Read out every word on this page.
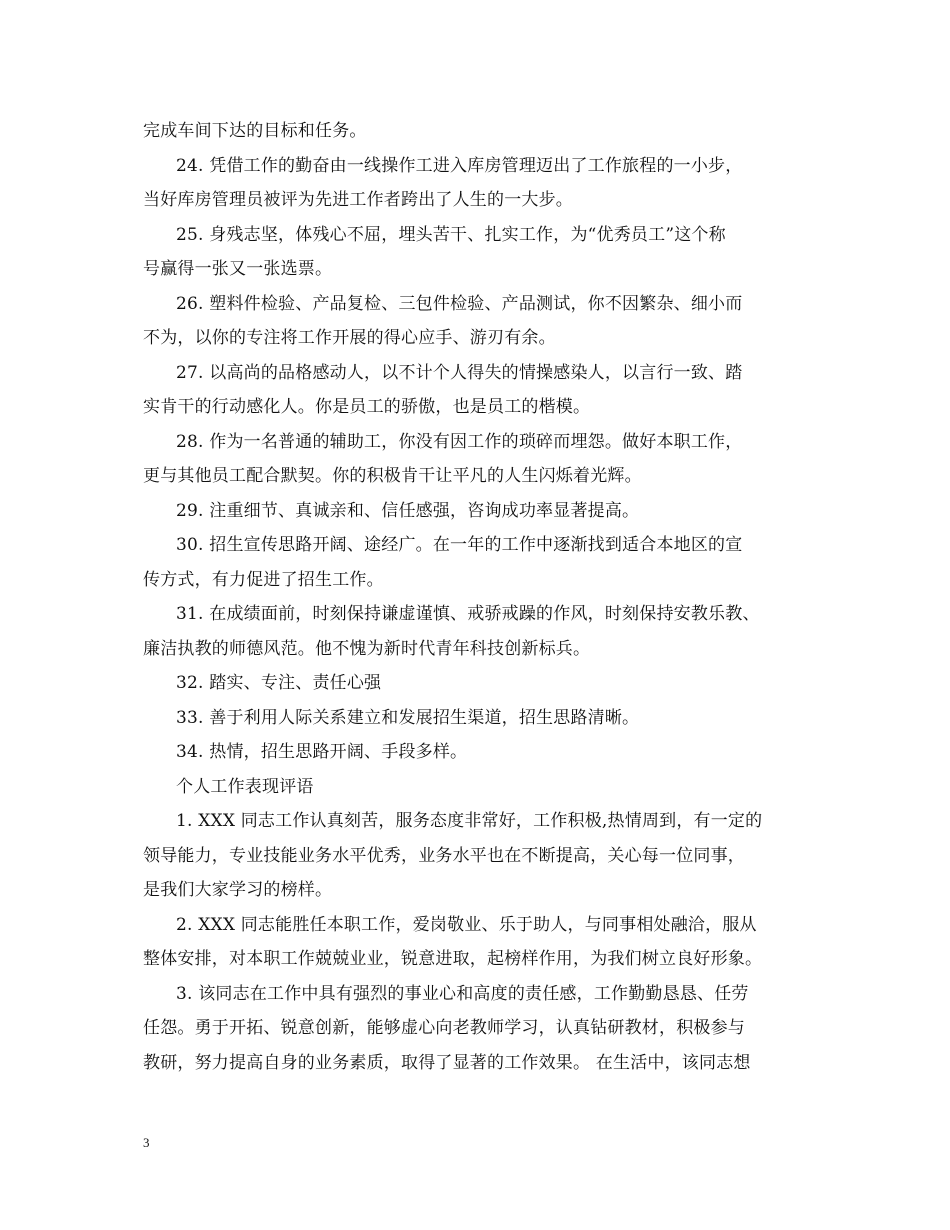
完成车间下达的目标和任务。
24. 凭借工作的勤奋由一线操作工进入库房管理迈出了工作旅程的一小步，
当好库房管理员被评为先进工作者跨出了人生的一大步。
25. 身残志坚，体残心不屈，埋头苦干、扎实工作，为“优秀员工”这个称
号赢得一张又一张选票。
26. 塑料件检验、产品复检、三包件检验、产品测试，你不因繁杂、细小而
不为，以你的专注将工作开展的得心应手、游刃有余。
27. 以高尚的品格感动人，以不计个人得失的情操感染人，以言行一致、踏
实肯干的行动感化人。你是员工的骄傲，也是员工的楷模。
28. 作为一名普通的辅助工，你没有因工作的琐碎而埋怨。做好本职工作，
更与其他员工配合默契。你的积极肯干让平凡的人生闪烁着光辉。
29. 注重细节、真诚亲和、信任感强，咨询成功率显著提高。
30. 招生宣传思路开阔、途经广。在一年的工作中逐渐找到适合本地区的宣
传方式，有力促进了招生工作。
31. 在成绩面前，时刻保持谦虚谨慎、戒骄戒躁的作风，时刻保持安教乐教、
廉洁执教的师德风范。他不愧为新时代青年科技创新标兵。
32. 踏实、专注、责任心强
33. 善于利用人际关系建立和发展招生渠道，招生思路清晰。
34. 热情，招生思路开阔、手段多样。
个人工作表现评语
1. XXX 同志工作认真刻苦，服务态度非常好，工作积极,热情周到，有一定的
领导能力，专业技能业务水平优秀，业务水平也在不断提高，关心每一位同事，
是我们大家学习的榜样。
2. XXX 同志能胜任本职工作，爱岗敬业、乐于助人，与同事相处融洽，服从
整体安排，对本职工作兢兢业业，锐意进取，起榜样作用，为我们树立良好形象。
3. 该同志在工作中具有强烈的事业心和高度的责任感，工作勤勤恳恳、任劳
任怨。勇于开拓、锐意创新，能够虚心向老教师学习，认真钻研教材，积极参与
教研，努力提高自身的业务素质，取得了显著的工作效果。 在生活中，该同志想
3
